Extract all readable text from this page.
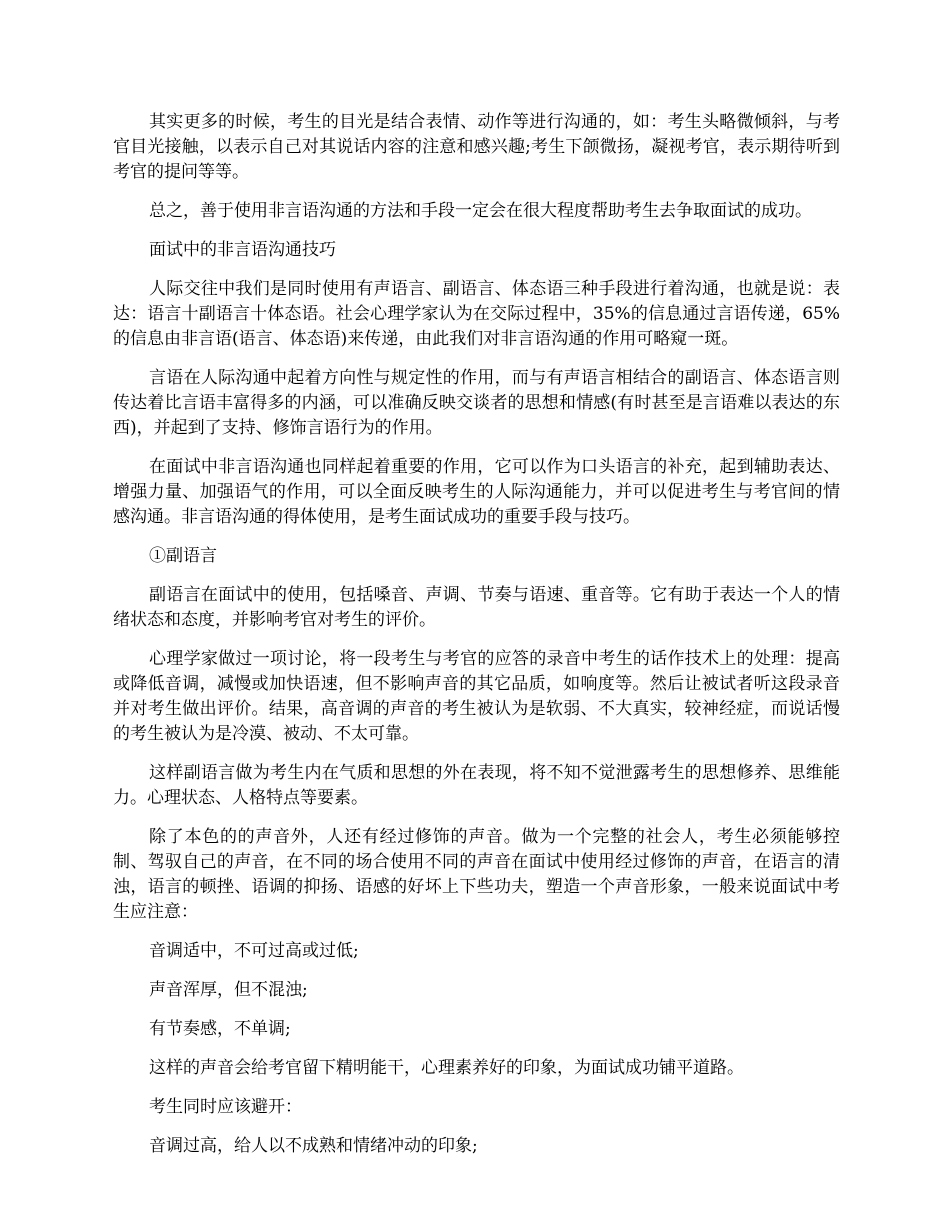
其实更多的时候，考生的目光是结合表情、动作等进行沟通的，如：考生头略微倾斜，与考官目光接触，以表示自己对其说话内容的注意和感兴趣;考生下颌微扬，凝视考官，表示期待听到考官的提问等等。

总之，善于使用非言语沟通的方法和手段一定会在很大程度帮助考生去争取面试的成功。

面试中的非言语沟通技巧

人际交往中我们是同时使用有声语言、副语言、体态语三种手段进行着沟通，也就是说：表达：语言十副语言十体态语。社会心理学家认为在交际过程中，35%的信息通过言语传递，65%的信息由非言语(语言、体态语)来传递，由此我们对非言语沟通的作用可略窥一斑。

言语在人际沟通中起着方向性与规定性的作用，而与有声语言相结合的副语言、体态语言则传达着比言语丰富得多的内涵，可以准确反映交谈者的思想和情感(有时甚至是言语难以表达的东西)，并起到了支持、修饰言语行为的作用。

在面试中非言语沟通也同样起着重要的作用，它可以作为口头语言的补充，起到辅助表达、增强力量、加强语气的作用，可以全面反映考生的人际沟通能力，并可以促进考生与考官间的情感沟通。非言语沟通的得体使用，是考生面试成功的重要手段与技巧。

①副语言

副语言在面试中的使用，包括嗓音、声调、节奏与语速、重音等。它有助于表达一个人的情绪状态和态度，并影响考官对考生的评价。

心理学家做过一项讨论，将一段考生与考官的应答的录音中考生的话作技术上的处理：提高或降低音调，减慢或加快语速，但不影响声音的其它品质，如响度等。然后让被试者听这段录音并对考生做出评价。结果，高音调的声音的考生被认为是软弱、不大真实，较神经症，而说话慢的考生被认为是冷漠、被动、不太可靠。

这样副语言做为考生内在气质和思想的外在表现，将不知不觉泄露考生的思想修养、思维能力。心理状态、人格特点等要素。

除了本色的的声音外，人还有经过修饰的声音。做为一个完整的社会人，考生必须能够控制、驾驭自己的声音，在不同的场合使用不同的声音在面试中使用经过修饰的声音，在语言的清浊，语言的顿挫、语调的抑扬、语感的好坏上下些功夫，塑造一个声音形象，一般来说面试中考生应注意：

音调适中，不可过高或过低;

声音浑厚，但不混浊;

有节奏感，不单调;

这样的声音会给考官留下精明能干，心理素养好的印象，为面试成功铺平道路。

考生同时应该避开：

音调过高，给人以不成熟和情绪冲动的印象;
